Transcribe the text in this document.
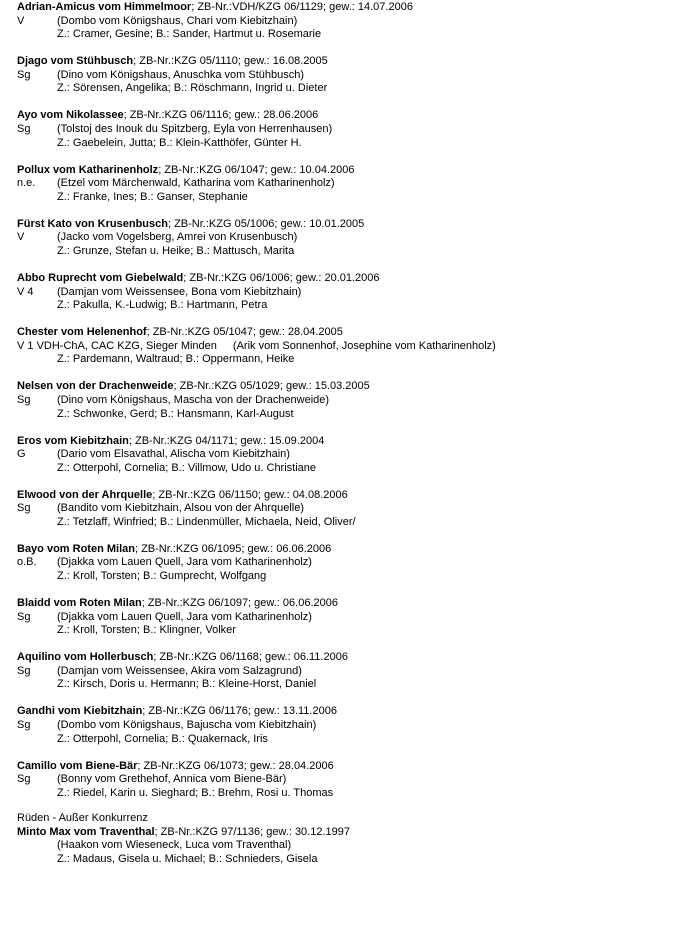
Adrian-Amicus vom Himmelmoor; ZB-Nr.:VDH/KZG 06/1129; gew.: 14.07.2006
V	(Dombo vom Königshaus, Chari vom Kiebitzhain)
Z.: Cramer, Gesine; B.: Sander, Hartmut u. Rosemarie
Djago vom Stühbusch; ZB-Nr.:KZG 05/1110; gew.: 16.08.2005
Sg (Dino vom Königshaus, Anuschka vom Stühbusch)
Z.: Sörensen, Angelika; B.: Röschmann, Ingrid u. Dieter
Ayo vom Nikolassee; ZB-Nr.:KZG 06/1116; gew.: 28.06.2006
Sg (Tolstoj des Inouk du Spitzberg, Eyla von Herrenhausen)
Z.: Gaebelein, Jutta; B.: Klein-Katthöfer, Günter H.
Pollux vom Katharinenholz; ZB-Nr.:KZG 06/1047; gew.: 10.04.2006
n.e. (Etzel vom Märchenwald, Katharina vom Katharinenholz)
Z.: Franke, Ines; B.: Ganser, Stephanie
Fürst Kato von Krusenbusch; ZB-Nr.:KZG 05/1006; gew.: 10.01.2005
V	(Jacko vom Vogelsberg, Amrei von Krusenbusch)
Z.: Grunze, Stefan u. Heike; B.: Mattusch, Marita
Abbo Ruprecht vom Giebelwald; ZB-Nr.:KZG 06/1006; gew.: 20.01.2006
V 4 (Damjan vom Weissensee, Bona vom Kiebitzhain)
Z.: Pakulla, K.-Ludwig; B.: Hartmann, Petra
Chester vom Helenenhof; ZB-Nr.:KZG 05/1047; gew.: 28.04.2005
V 1 VDH-ChA, CAC KZG, Sieger Minden (Arik vom Sonnenhof, Josephine vom Katharinenholz)
Z.: Pardemann, Waltraud; B.: Oppermann, Heike
Nelsen von der Drachenweide; ZB-Nr.:KZG 05/1029; gew.: 15.03.2005
Sg (Dino vom Königshaus, Mascha von der Drachenweide)
Z.: Schwonke, Gerd; B.: Hansmann, Karl-August
Eros vom Kiebitzhain; ZB-Nr.:KZG 04/1171; gew.: 15.09.2004
G	(Dario vom Elsavathal, Alischa vom Kiebitzhain)
Z.: Otterpohl, Cornelia; B.: Villmow, Udo u. Christiane
Elwood von der Ahrquelle; ZB-Nr.:KZG 06/1150; gew.: 04.08.2006
Sg (Bandito vom Kiebitzhain, Alsou von der Ahrquelle)
Z.: Tetzlaff, Winfried; B.: Lindenmüller, Michaela, Neid, Oliver/
Bayo vom Roten Milan; ZB-Nr.:KZG 06/1095; gew.: 06.06.2006
o.B. (Djakka vom Lauen Quell, Jara vom Katharinenholz)
Z.: Kroll, Torsten; B.: Gumprecht, Wolfgang
Blaidd vom Roten Milan; ZB-Nr.:KZG 06/1097; gew.: 06.06.2006
Sg (Djakka vom Lauen Quell, Jara vom Katharinenholz)
Z.: Kroll, Torsten; B.: Klingner, Volker
Aquilino vom Hollerbusch; ZB-Nr.:KZG 06/1168; gew.: 06.11.2006
Sg (Damjan vom Weissensee, Akira vom Salzagrund)
Z.: Kirsch, Doris u. Hermann; B.: Kleine-Horst, Daniel
Gandhi vom Kiebitzhain; ZB-Nr.:KZG 06/1176; gew.: 13.11.2006
Sg (Dombo vom Königshaus, Bajuscha vom Kiebitzhain)
Z.: Otterpohl, Cornelia; B.: Quakernack, Iris
Camillo vom Biene-Bär; ZB-Nr.:KZG 06/1073; gew.: 28.04.2006
Sg (Bonny vom Grethehof, Annica vom Biene-Bär)
Z.: Riedel, Karin u. Sieghard; B.: Brehm, Rosi u. Thomas
Rüden - Außer Konkurrenz
Minto Max vom Traventhal; ZB-Nr.:KZG 97/1136; gew.: 30.12.1997
(Haakon vom Wieseneck, Luca vom Traventhal)
Z.: Madaus, Gisela u. Michael; B.: Schnieders, Gisela
